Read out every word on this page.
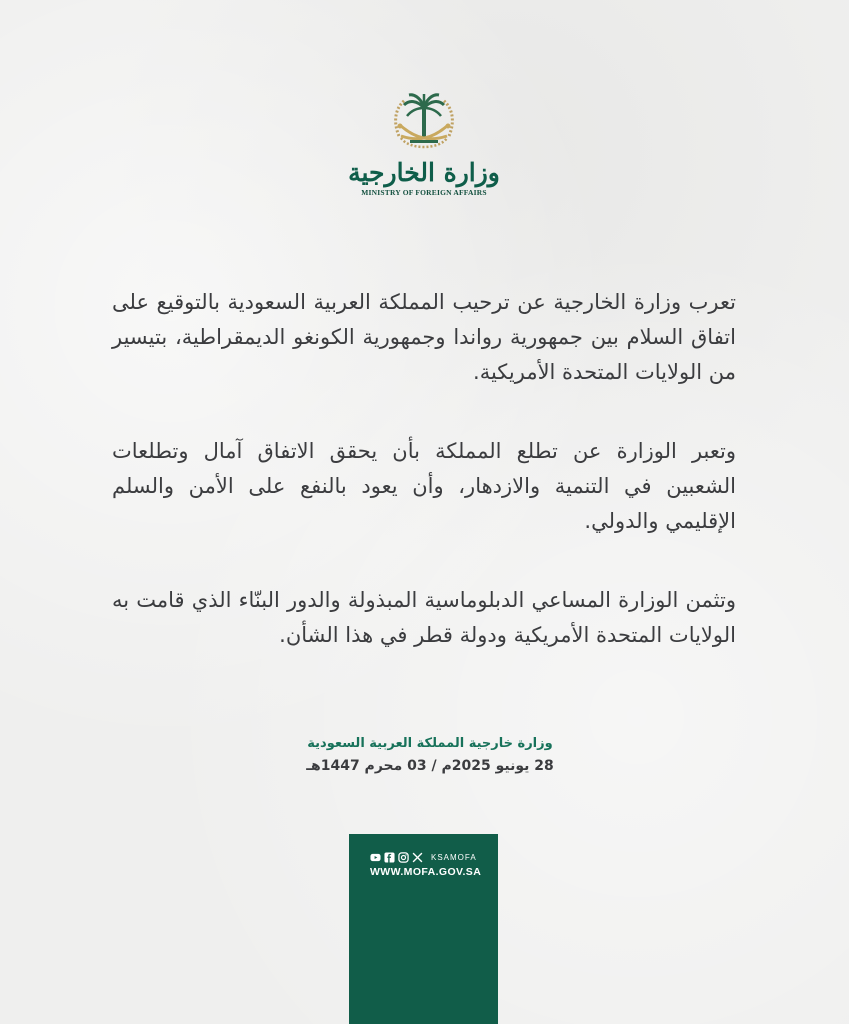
وزارة الخارجية
MINISTRY OF FOREIGN AFFAIRS

تعرب وزارة الخارجية عن ترحيب المملكة العربية السعودية بالتوقيع على اتفاق السلام بين جمهورية رواندا وجمهورية الكونغو الديمقراطية، بتيسير من الولايات المتحدة الأمريكية.

وتعبر الوزارة عن تطلع المملكة بأن يحقق الاتفاق آمال وتطلعات الشعبين في التنمية والازدهار، وأن يعود بالنفع على الأمن والسلم الإقليمي والدولي.

وتثمن الوزارة المساعي الدبلوماسية المبذولة والدور البنّاء الذي قامت به الولايات المتحدة الأمريكية ودولة قطر في هذا الشأن.

وزارة خارجية المملكة العربية السعودية
28 يونيو 2025م / 03 محرم 1447هـ
KSAMOFA
WWW.MOFA.GOV.SA
